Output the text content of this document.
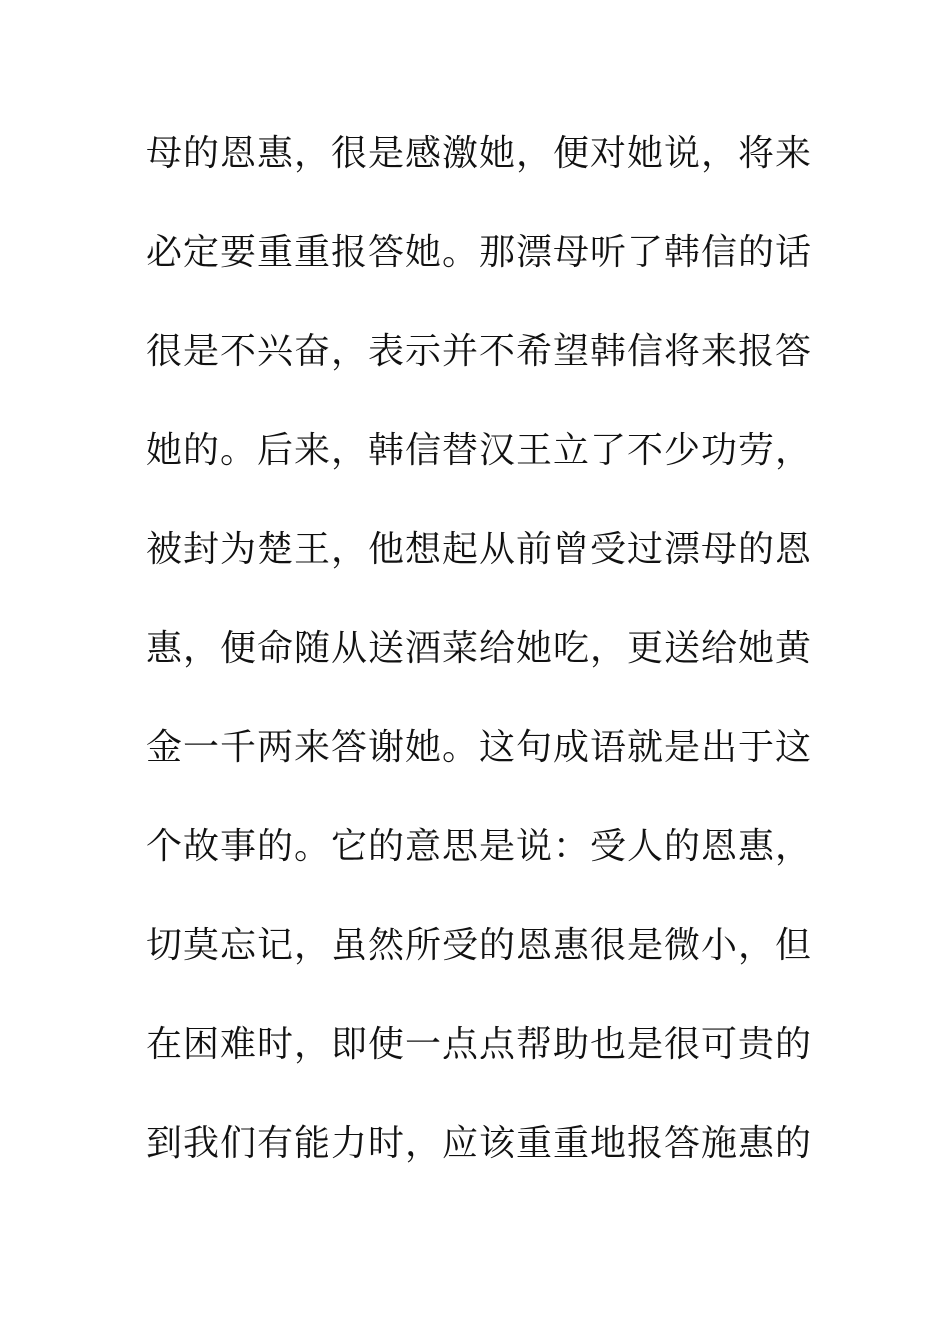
母的恩惠，很是感激她，便对她说，将来
必定要重重报答她。那漂母听了韩信的话
很是不兴奋，表示并不希望韩信将来报答
她的。后来，韩信替汉王立了不少功劳，
被封为楚王，他想起从前曾受过漂母的恩
惠，便命随从送酒菜给她吃，更送给她黄
金一千两来答谢她。这句成语就是出于这
个故事的。它的意思是说：受人的恩惠，
切莫忘记，虽然所受的恩惠很是微小，但
在困难时，即使一点点帮助也是很可贵的
到我们有能力时，应该重重地报答施惠的
